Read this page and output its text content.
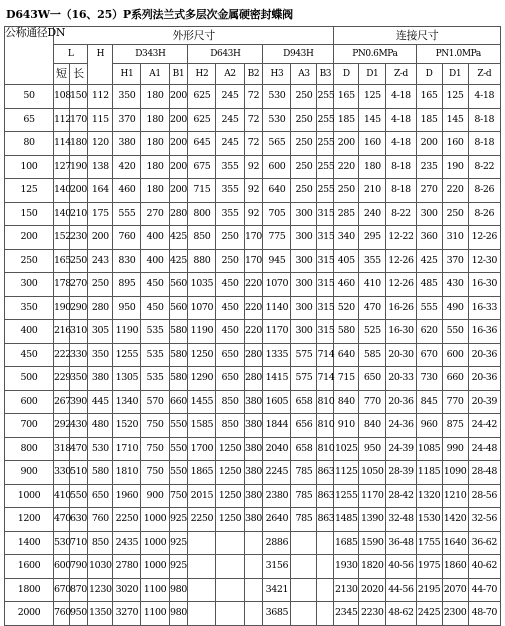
D643W一（16、25）P系列法兰式多层次金属硬密封蝶阀
公称通径DN	外形尺寸												连接尺寸					
	L		H	D343H			D643H			D943H			PN0.6MPa			PN1.0MPa		
	短	长		H1	A1	B1	H2	A2	B2	H3	A3	B3	D	D1	Z-d	D	D1	Z-d
50	108	150	112	350	180	200	625	245	72	530	250	255	165	125	4-18	165	125	4-18
65	112	170	115	370	180	200	625	245	72	530	250	255	185	145	4-18	185	145	8-18
80	114	180	120	380	180	200	645	245	72	565	250	255	200	160	4-18	200	160	8-18
100	127	190	138	420	180	200	675	355	92	600	250	255	220	180	8-18	235	190	8-22
125	140	200	164	460	180	200	715	355	92	640	250	255	250	210	8-18	270	220	8-26
150	140	210	175	555	270	280	800	355	92	705	300	315	285	240	8-22	300	250	8-26
200	152	230	200	760	400	425	850	250	170	775	300	315	340	295	12-22	360	310	12-26
250	165	250	243	830	400	425	880	250	170	945	300	315	405	355	12-26	425	370	12-30
300	178	270	250	895	450	560	1035	450	220	1070	300	315	460	410	12-26	485	430	16-30
350	190	290	280	950	450	560	1070	450	220	1140	300	315	520	470	16-26	555	490	16-33
400	216	310	305	1190	535	580	1190	450	220	1170	300	315	580	525	16-30	620	550	16-36
450	222	330	350	1255	535	580	1250	650	280	1335	575	714	640	585	20-30	670	600	20-36
500	229	350	380	1305	535	580	1290	650	280	1415	575	714	715	650	20-33	730	660	20-36
600	267	390	445	1340	570	660	1455	850	380	1605	658	810	840	770	20-36	845	770	20-39
700	292	430	480	1520	750	550	1585	850	380	1844	656	810	910	840	24-36	960	875	24-42
800	318	470	530	1710	750	550	1700	1250	380	2040	658	810	1025	950	24-39	1085	990	24-48
900	330	510	580	1810	750	550	1865	1250	380	2245	785	863	1125	1050	28-39	1185	1090	28-48
1000	410	550	650	1960	900	750	2015	1250	380	2380	785	863	1255	1170	28-42	1320	1210	28-56
1200	470	630	760	2250	1000	925	2250	1250	380	2640	785	863	1485	1390	32-48	1530	1420	32-56
1400	530	710	850	2435	1000	925				2886			1685	1590	36-48	1755	1640	36-62
1600	600	790	1030	2780	1000	925				3156			1930	1820	40-56	1975	1860	40-62
1800	670	870	1230	3020	1100	980				3421			2130	2020	44-56	2195	2070	44-70
2000	760	950	1350	3270	1100	980				3685			2345	2230	48-62	2425	2300	48-70
